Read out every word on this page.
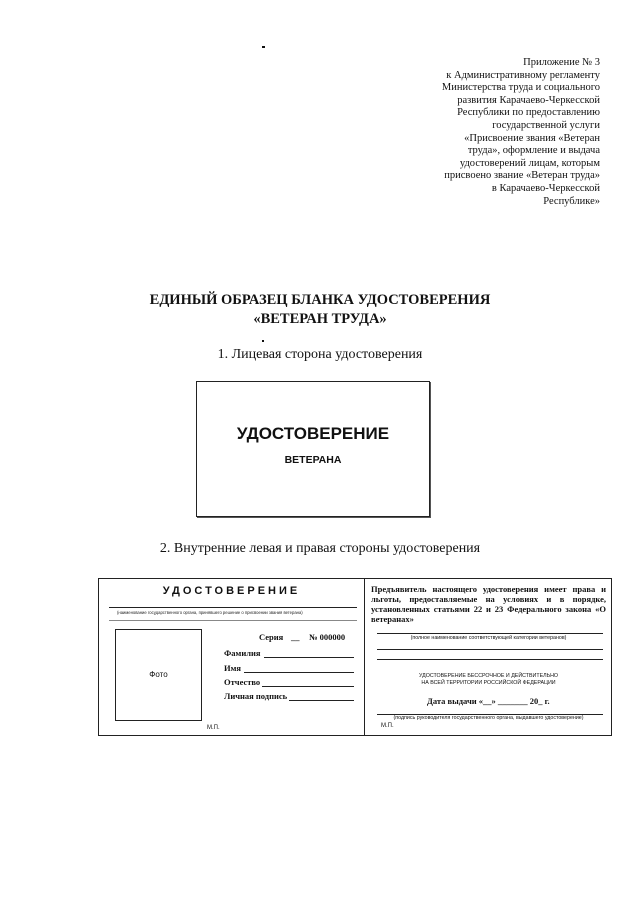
Приложение № 3
к Административному регламенту
Министерства труда и социального
развития Карачаево-Черкесской
Республики по предоставлению
государственной услуги
«Присвоение звания «Ветеран
труда», оформление и выдача
удостоверений лицам, которым
присвоено звание «Ветеран труда»
в Карачаево-Черкесской
Республике»
ЕДИНЫЙ ОБРАЗЕЦ БЛАНКА УДОСТОВЕРЕНИЯ
«ВЕТЕРАН ТРУДА»
1. Лицевая сторона удостоверения
УДОСТОВЕРЕНИЕ
ВЕТЕРАНА
2. Внутренние левая и правая стороны удостоверения
УДОСТОВЕРЕНИЕ
(наименование государственного органа, принявшего решение о присвоении звания ветерана)
Серия __ № 000000
Фото
Фамилия
Имя
Отчество
Личная подпись
М.П.
Предъявитель настоящего удостоверения имеет права и льготы, предоставляемые на условиях и в порядке, установленных статьями 22 и 23 Федерального закона «О ветеранах»
(полное наименование соответствующей категории ветеранов)
УДОСТОВЕРЕНИЕ БЕССРОЧНОЕ И ДЕЙСТВИТЕЛЬНО
НА ВСЕЙ ТЕРРИТОРИИ РОССИЙСКОЙ ФЕДЕРАЦИИ
Дата выдачи «__» _______ 20_ г.
(подпись руководителя государственного органа, выдавшего удостоверение)
М.П.
